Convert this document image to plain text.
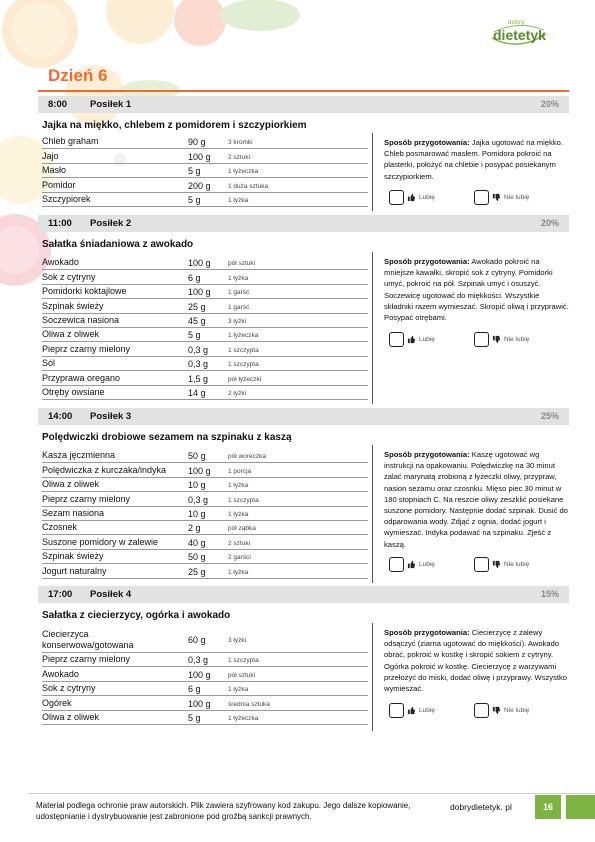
dobry
dietetyk
Dzień 6
8:00 Posiłek 1	20%
Jajka na miękko, chlebem z pomidorem i szczypiorkiem
Chleb graham	90 g	3 kromki
Jajo	100 g	2 sztuki
Masło	5 g	1 łyżeczka
Pomidor	200 g	1 duża sztuka
Szczypiorek	5 g	1 łyżka
Sposób przygotowania: Jajka ugotować na miękko. Chleb posmarować masłem. Pomidora pokroić na plasterki, położyć na chlebie i posypać posiekanym szczypiorkiem.
Lubię	Nie lubię
11:00 Posiłek 2	20%
Sałatka śniadaniowa z awokado
Awokado	100 g	pół sztuki
Sok z cytryny	6 g	1 łyżka
Pomidorki koktajlowe	100 g	1 garść
Szpinak świeży	25 g	1 garść
Soczewica nasiona	45 g	3 łyżki
Oliwa z oliwek	5 g	1 łyżeczka
Pieprz czarny mielony	0,3 g	1 szczypta
Sól	0,3 g	1 szczypta
Przyprawa oregano	1,5 g	pół łyżeczki
Otręby owsiane	14 g	2 łyżki
Sposób przygotowania: Awokado pokroić na mniejsze kawałki, skropić sok z cytryny. Pomidorki umyć, pokroić na pół. Szpinak umyć i osuszyć. Soczewicę ugotować do miękkości. Wszystkie składniki razem wymieszać. Skropić oliwą i przyprawić. Posypać otrębami.
Lubię	Nie lubię
14:00 Posiłek 3	25%
Polędwiczki drobiowe sezamem na szpinaku z kaszą
Kasza jęczmienna	50 g	pół woreczka
Polędwiczka z kurczaka/indyka	100 g	1 porcja
Oliwa z oliwek	10 g	1 łyżka
Pieprz czarny mielony	0,3 g	1 szczypta
Sezam nasiona	10 g	1 łyżka
Czosnek	2 g	pół ząbka
Suszone pomidory w zalewie	40 g	2 sztuki
Szpinak świeży	50 g	2 garści
Jogurt naturalny	25 g	1 łyżka
Sposób przygotowania: Kaszę ugotować wg instrukcji na opakowaniu. Polędwiczkę na 30 minut zalać marynatą zrobioną z łyżeczki oliwy, przypraw, nasion sezamu oraz czosnku. Mięso piec 30 minut w 180 stopniach C. Na reszcie oliwy zeszklić posiekane suszone pomidory. Następnie dodać szpinak. Dusić do odparowania wody. Zdjąć z ognia, dodać jogurt i wymieszać. Indyka podawać na szpinaku. Zjeść z kaszą.
Lubię	Nie lubię
17:00 Posiłek 4	15%
Sałatka z ciecierzycy, ogórka i awokado
Ciecierzyca konserwowa/gotowana	60 g	3 łyżki
Pieprz czarny mielony	0,3 g	1 szczypta
Awokado	100 g	pół sztuki
Sok z cytryny	6 g	1 łyżka
Ogórek	100 g	średnia sztuka
Oliwa z oliwek	5 g	1 łyżeczka
Sposób przygotowania: Ciecierzycę z zalewy odsączyć (ziarna ugotować do miękkości). Awokado obrać, pokroić w kostkę i skropić sokiem z cytryny. Ogórka pokroić w kostkę. Ciecierzycę z warzywami przełożyć do miski, dodać oliwę i przyprawy. Wszystko wymieszać.
Lubię	Nie lubię
Materiał podlega ochronie praw autorskich. Plik zawiera szyfrowany kod zakupu. Jego dalsze kopiowanie, udostępnianie i dystrybuowanie jest zabronione pod groźbą sankcji prawnych.
dobrydietetyk. pl	16
